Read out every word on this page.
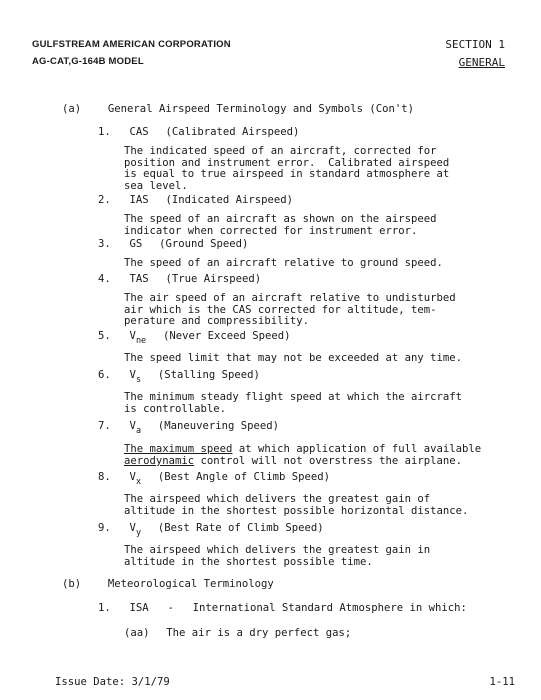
GULFSTREAM AMERICAN CORPORATION
AG-CAT,G-164B MODEL
SECTION 1
GENERAL
(a)	General Airspeed Terminology and Symbols (Con't)
1. CAS (Calibrated Airspeed)
The indicated speed of an aircraft, corrected for
position and instrument error.  Calibrated airspeed
is equal to true airspeed in standard atmosphere at
sea level.
2. IAS (Indicated Airspeed)
The speed of an aircraft as shown on the airspeed
indicator when corrected for instrument error.
3. GS (Ground Speed)
The speed of an aircraft relative to ground speed.
4. TAS (True Airspeed)
The air speed of an aircraft relative to undisturbed
air which is the CAS corrected for altitude, tem-
perature and compressibility.
5. $V_{ne}$ (Never Exceed Speed)
The speed limit that may not be exceeded at any time.
6. $V_s$ (Stalling Speed)
The minimum steady flight speed at which the aircraft
is controllable.
7. $V_a$ (Maneuvering Speed)
The maximum speed at which application of full available
aerodynamic control will not overstress the airplane.
8. $V_x$ (Best Angle of Climb Speed)
The airspeed which delivers the greatest gain of
altitude in the shortest possible horizontal distance.
9. $V_y$ (Best Rate of Climb Speed)
The airspeed which delivers the greatest gain in
altitude in the shortest possible time.
(b)	Meteorological Terminology
1. ISA - International Standard Atmosphere in which:
(aa) The air is a dry perfect gas;
Issue Date: 3/1/79	1-11
